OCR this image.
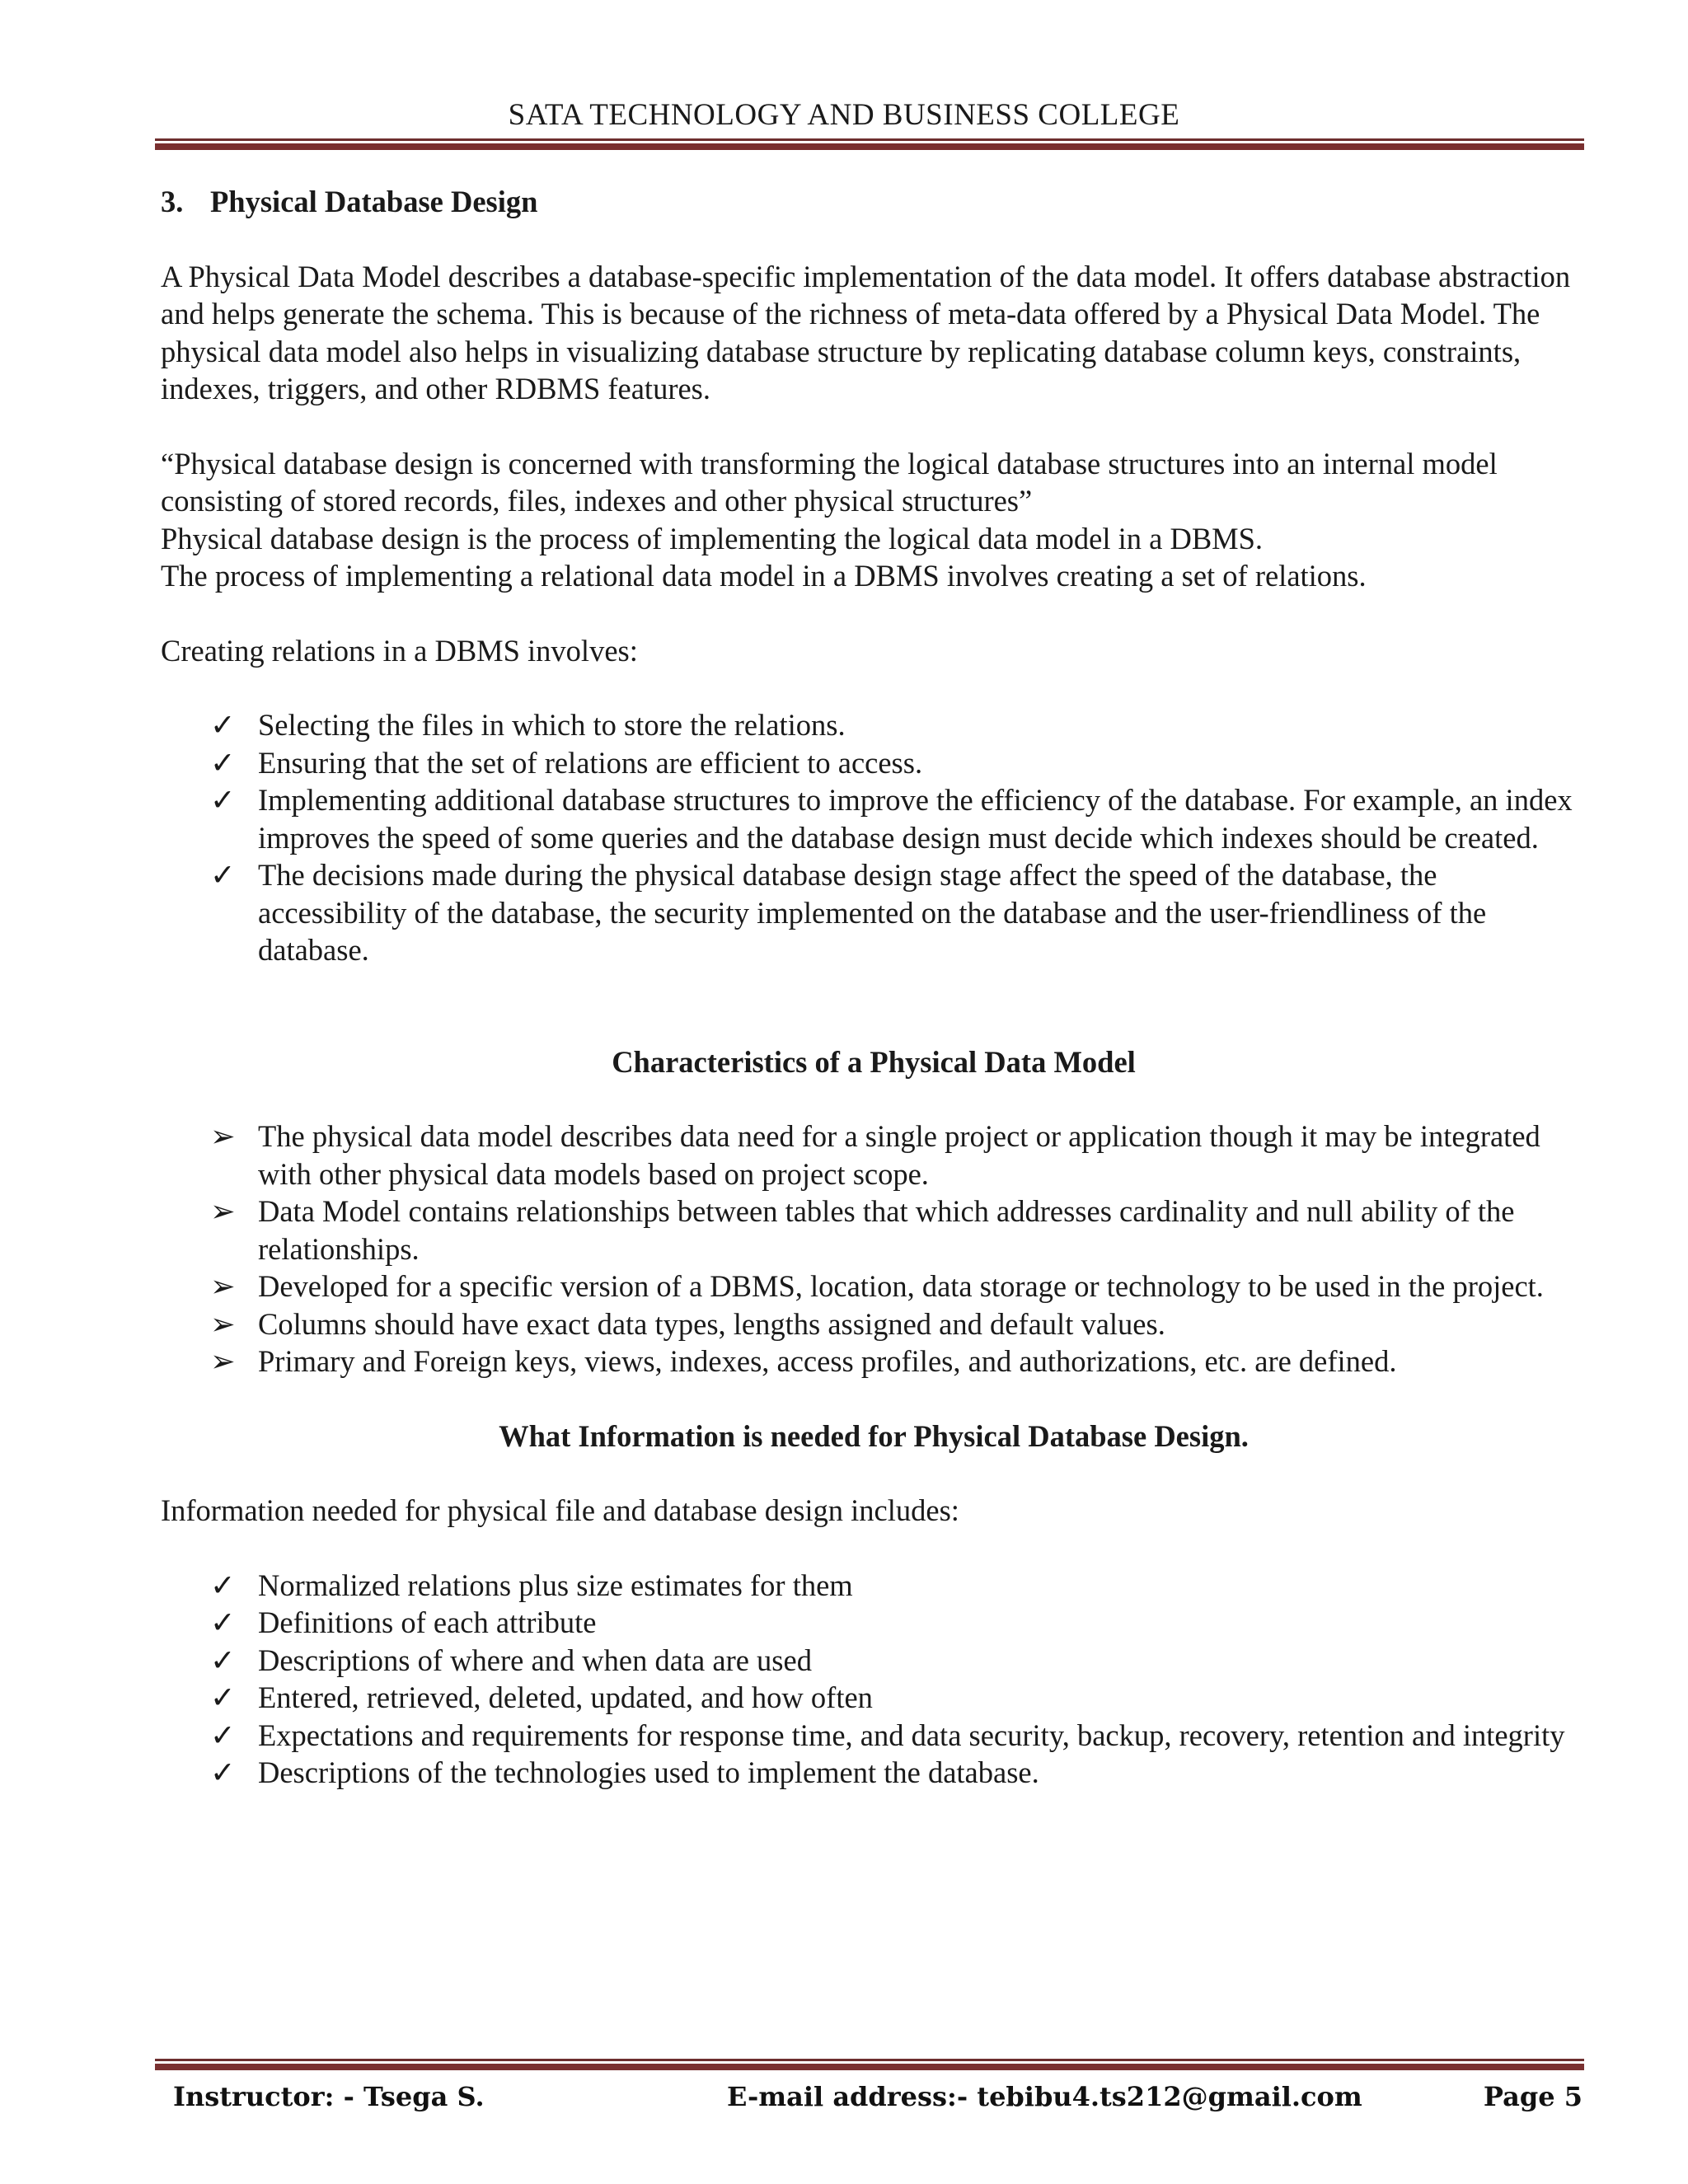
SATA TECHNOLOGY AND BUSINESS COLLEGE
3. Physical Database Design

A Physical Data Model describes a database-specific implementation of the data model. It offers database abstraction and helps generate the schema. This is because of the richness of meta-data offered by a Physical Data Model. The physical data model also helps in visualizing database structure by replicating database column keys, constraints, indexes, triggers, and other RDBMS features.

“Physical database design is concerned with transforming the logical database structures into an internal model consisting of stored records, files, indexes and other physical structures”

Physical database design is the process of implementing the logical data model in a DBMS.

The process of implementing a relational data model in a DBMS involves creating a set of relations.

Creating relations in a DBMS involves:

✓ Selecting the files in which to store the relations.
✓ Ensuring that the set of relations are efficient to access.
✓ Implementing additional database structures to improve the efficiency of the database. For example, an index improves the speed of some queries and the database design must decide which indexes should be created.
✓ The decisions made during the physical database design stage affect the speed of the database, the accessibility of the database, the security implemented on the database and the user-friendliness of the database.
Characteristics of a Physical Data Model
➢ The physical data model describes data need for a single project or application though it may be integrated with other physical data models based on project scope.
➢ Data Model contains relationships between tables that which addresses cardinality and null ability of the relationships.
➢ Developed for a specific version of a DBMS, location, data storage or technology to be used in the project.
➢ Columns should have exact data types, lengths assigned and default values.
➢ Primary and Foreign keys, views, indexes, access profiles, and authorizations, etc. are defined.
What Information is needed for Physical Database Design.

Information needed for physical file and database design includes:

✓ Normalized relations plus size estimates for them
✓ Definitions of each attribute
✓ Descriptions of where and when data are used
✓ Entered, retrieved, deleted, updated, and how often
✓ Expectations and requirements for response time, and data security, backup, recovery, retention and integrity
✓ Descriptions of the technologies used to implement the database.
Instructor: - Tsega S.	E-mail address:- tebibu4.ts212@gmail.com	Page 5
